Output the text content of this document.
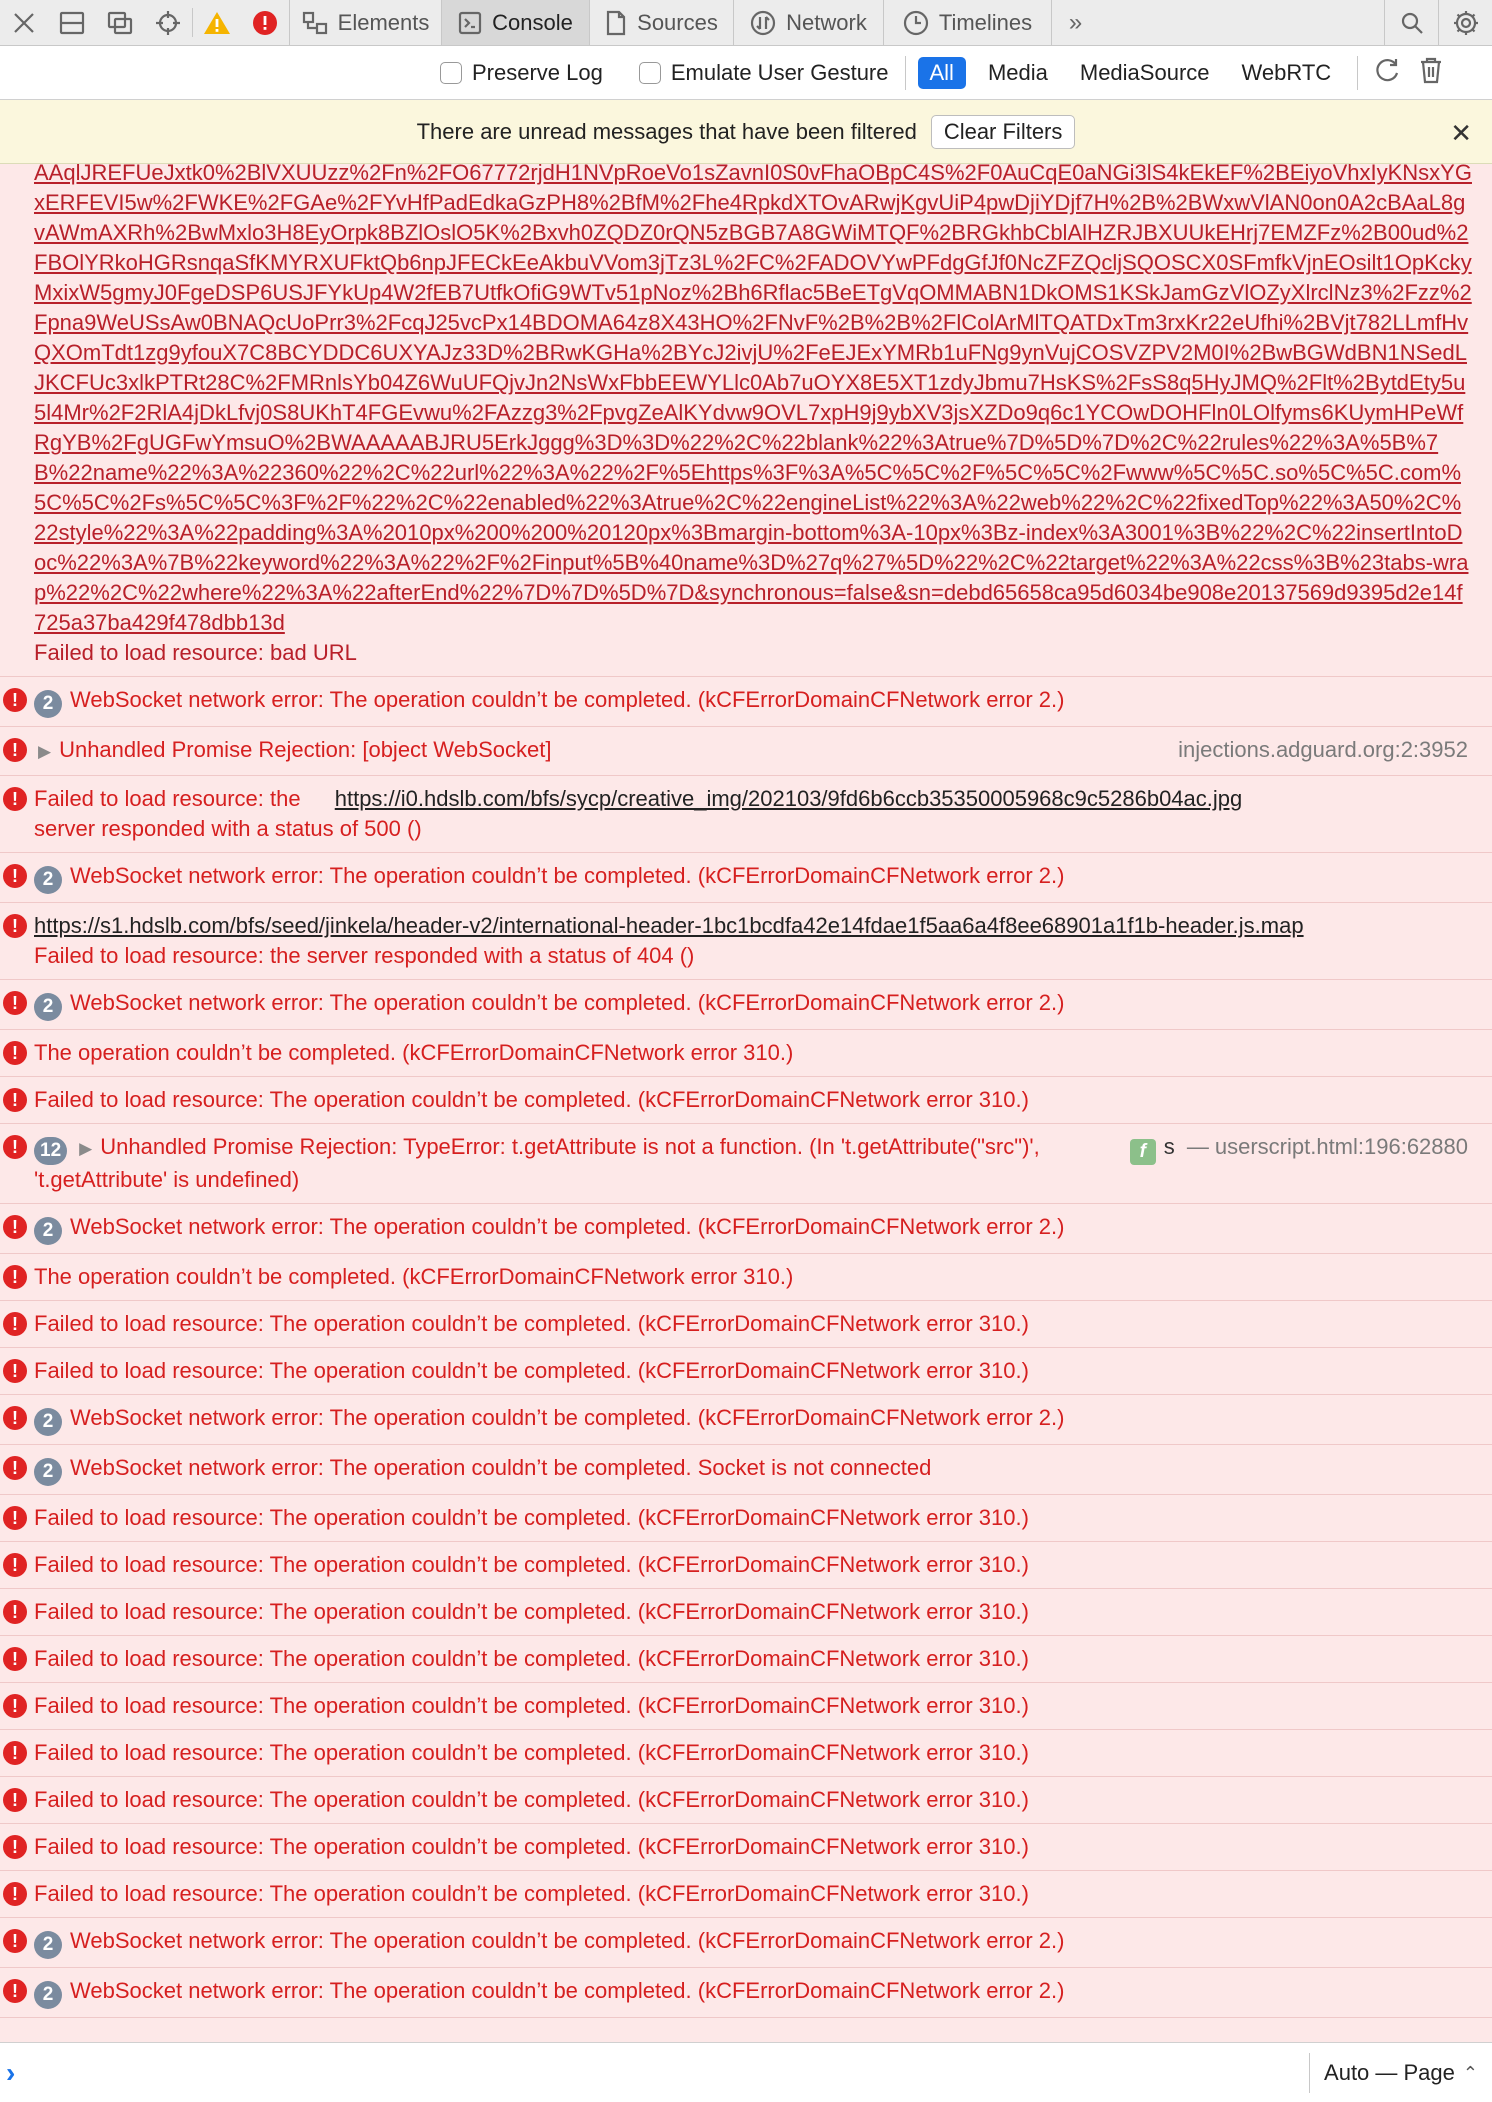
Elements	Console	Sources	Network	Timelines »
Preserve Log	Emulate User Gesture	All	Media	MediaSource	WebRTC
There are unread messages that have been filtered	Clear Filters	✕
AAqlJREFUeJxtk0%2BlVXUUzz%2Fn%2FO67772rjdH1NVpRoeVo1sZavnI0S0vFhaOBpC4S%2F0AuCqE0aNGi3lS4kEkEF%2BEiyoVhxIyKNsxYGxERFEVI5w%2FWKE%2FGAe%2FYvHfPadEdkaGzPH8%2BfM%2Fhe4RpkdXTOvARwjKgvUiP4pwDjiYDjf7H%2B%2BWxwVlAN0on0A2cBAaL8gvAWmAXRh%2BwMxlo3H8EyOrpk8BZlOslO5K%2Bxvh0ZQDZ0rQN5zBGB7A8GWiMTQF%2BRGkhbCblAlHZRJBXUUkEHrj7EMZFz%2B00ud%2FBOlYRkoHGRsnqaSfKMYRXUFktQb6npJFECkEeAkbuVVom3jTz3L%2FC%2FADOVYwPFdgGfJf0NcZFZQcljSQOSCX0SFmfkVjnEOsilt1OpKckyMxixW5gmyJ0FgeDSP6USJFYkUp4W2fEB7UtfkOfiG9WTv51pNoz%2Bh6Rflac5BeETgVqOMMABN1DkOMS1KSkJamGzVlOZyXlrclNz3%2Fzz%2Fpna9WeUSsAw0BNAQcUoPrr3%2FcqJ25vcPx14BDOMA64z8X43HO%2FNvF%2B%2B%2FlColArMlTQATDxTm3rxKr22eUfhi%2BVjt782LLmfHvQXOmTdt1zg9yfouX7C8BCYDDC6UXYAJz33D%2BRwKGHa%2BYcJ2ivjU%2FeEJExYMRb1uFNg9ynVujCOSVZPV2M0I%2BwBGWdBN1NSedLJKCFUc3xlkPTRt28C%2FMRnlsYb04Z6WuUFQjvJn2NsWxFbbEEWYLlc0Ab7uOYX8E5XT1zdyJbmu7HsKS%2FsS8q5HyJMQ%2Flt%2BytdEty5u5l4Mr%2F2RlA4jDkLfvj0S8UKhT4FGEvwu%2FAzzg3%2FpvgZeAlKYdvw9OVL7xpH9j9ybXV3jsXZDo9q6c1YCOwDOHFln0LOlfyms6KUymHPeWfRgYB%2FgUGFwYmsuO%2BWAAAAABJRU5ErkJggg%3D%3D%22%2C%22blank%22%3Atrue%7D%5D%7D%2C%22rules%22%3A%5B%7B%22name%22%3A%22360%22%2C%22url%22%3A%22%2F%5Ehttps%3F%3A%5C%5C%2F%5C%5C%2Fwww%5C%5C.so%5C%5C.com%5C%5C%2Fs%5C%5C%3F%2F%22%2C%22enabled%22%3Atrue%2C%22engineList%22%3A%22web%22%2C%22fixedTop%22%3A50%2C%22style%22%3A%22padding%3A%2010px%200%200%20120px%3Bmargin-bottom%3A-10px%3Bz-index%3A3001%3B%22%2C%22insertIntoDoc%22%3A%7B%22keyword%22%3A%22%2F%2Finput%5B%40name%3D%27q%27%5D%22%2C%22target%22%3A%22css%3B%23tabs-wrap%22%2C%22where%22%3A%22afterEnd%22%7D%7D%5D%7D&synchronous=false&sn=debd65658ca95d6034be908e20137569d9395d2e14f725a37ba429f478dbb13d
Failed to load resource: bad URL
!	2 WebSocket network error: The operation couldn’t be completed. (kCFErrorDomainCFNetwork error 2.)
!	▶ Unhandled Promise Rejection: [object WebSocket]	injections.adguard.org:2:3952
! Failed to load resource: the https://i0.hdslb.com/bfs/sycp/creative_img/202103/9fd6b6ccb35350005968c9c5286b04ac.jpg
server responded with a status of 500 ()
!	2 WebSocket network error: The operation couldn’t be completed. (kCFErrorDomainCFNetwork error 2.)
! https://s1.hdslb.com/bfs/seed/jinkela/header-v2/international-header-1bc1bcdfa42e14fdae1f5aa6a4f8ee68901a1f1b-header.js.map
Failed to load resource: the server responded with a status of 404 ()
!	2 WebSocket network error: The operation couldn’t be completed. (kCFErrorDomainCFNetwork error 2.)
! The operation couldn’t be completed. (kCFErrorDomainCFNetwork error 310.)
! Failed to load resource: The operation couldn’t be completed. (kCFErrorDomainCFNetwork error 310.)
!	12 ▶ Unhandled Promise Rejection: TypeError: t.getAttribute is not a function. (In 't.getAttribute("src")', 't.getAttribute' is undefined)
f s — userscript.html:196:62880
!	2 WebSocket network error: The operation couldn’t be completed. (kCFErrorDomainCFNetwork error 2.)
! The operation couldn’t be completed. (kCFErrorDomainCFNetwork error 310.)
! Failed to load resource: The operation couldn’t be completed. (kCFErrorDomainCFNetwork error 310.)
! Failed to load resource: The operation couldn’t be completed. (kCFErrorDomainCFNetwork error 310.)
!	2 WebSocket network error: The operation couldn’t be completed. (kCFErrorDomainCFNetwork error 2.)
!	2 WebSocket network error: The operation couldn’t be completed. Socket is not connected
! Failed to load resource: The operation couldn’t be completed. (kCFErrorDomainCFNetwork error 310.)
! Failed to load resource: The operation couldn’t be completed. (kCFErrorDomainCFNetwork error 310.)
! Failed to load resource: The operation couldn’t be completed. (kCFErrorDomainCFNetwork error 310.)
! Failed to load resource: The operation couldn’t be completed. (kCFErrorDomainCFNetwork error 310.)
! Failed to load resource: The operation couldn’t be completed. (kCFErrorDomainCFNetwork error 310.)
! Failed to load resource: The operation couldn’t be completed. (kCFErrorDomainCFNetwork error 310.)
! Failed to load resource: The operation couldn’t be completed. (kCFErrorDomainCFNetwork error 310.)
! Failed to load resource: The operation couldn’t be completed. (kCFErrorDomainCFNetwork error 310.)
! Failed to load resource: The operation couldn’t be completed. (kCFErrorDomainCFNetwork error 310.)
!	2 WebSocket network error: The operation couldn’t be completed. (kCFErrorDomainCFNetwork error 2.)
!	2 WebSocket network error: The operation couldn’t be completed. (kCFErrorDomainCFNetwork error 2.)
›	Auto — Page ⌃
